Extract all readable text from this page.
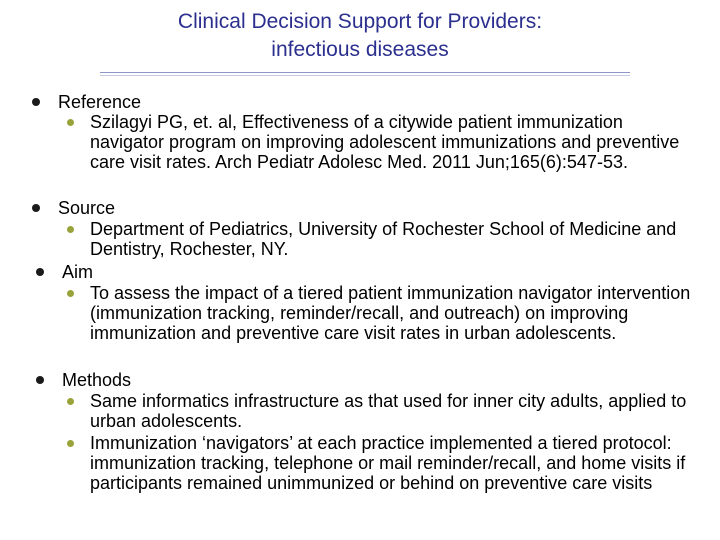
Clinical Decision Support for Providers:
infectious diseases
Reference
Szilagyi PG, et. al, Effectiveness of a citywide patient immunization navigator program on improving adolescent immunizations and preventive care visit rates. Arch Pediatr Adolesc Med. 2011 Jun;165(6):547-53.
Source
Department of Pediatrics, University of Rochester School of Medicine and Dentistry, Rochester, NY.
Aim
To assess the impact of a tiered patient immunization navigator intervention (immunization tracking, reminder/recall, and outreach) on improving immunization and preventive care visit rates in urban adolescents.
Methods
Same informatics infrastructure as that used for inner city adults, applied to urban adolescents.
Immunization ‘navigators’ at each practice implemented a tiered protocol: immunization tracking, telephone or mail reminder/recall, and home visits if participants remained unimmunized or behind on preventive care visits
